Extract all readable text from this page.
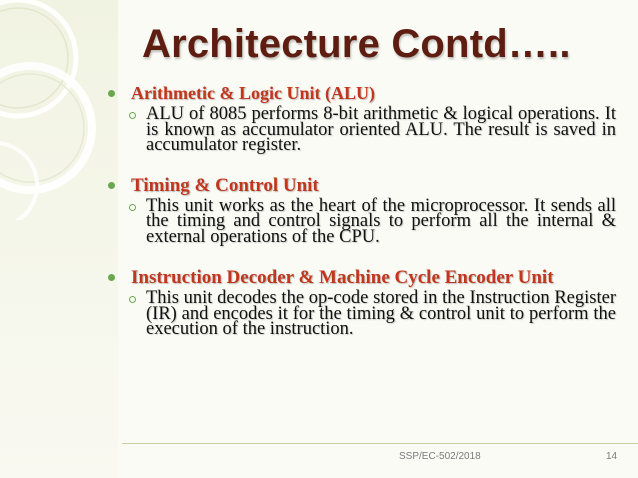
Architecture Contd…..
Arithmetic & Logic Unit (ALU)
ALU of 8085 performs 8-bit arithmetic & logical operations. It is known as accumulator oriented ALU. The result is saved in accumulator register.
Timing & Control Unit
This unit works as the heart of the microprocessor. It sends all the timing and control signals to perform all the internal & external operations of the CPU.
Instruction Decoder & Machine Cycle Encoder Unit
This unit decodes the op-code stored in the Instruction Register (IR) and encodes it for the timing & control unit to perform the execution of the instruction.
SSP/EC-502/2018	14
